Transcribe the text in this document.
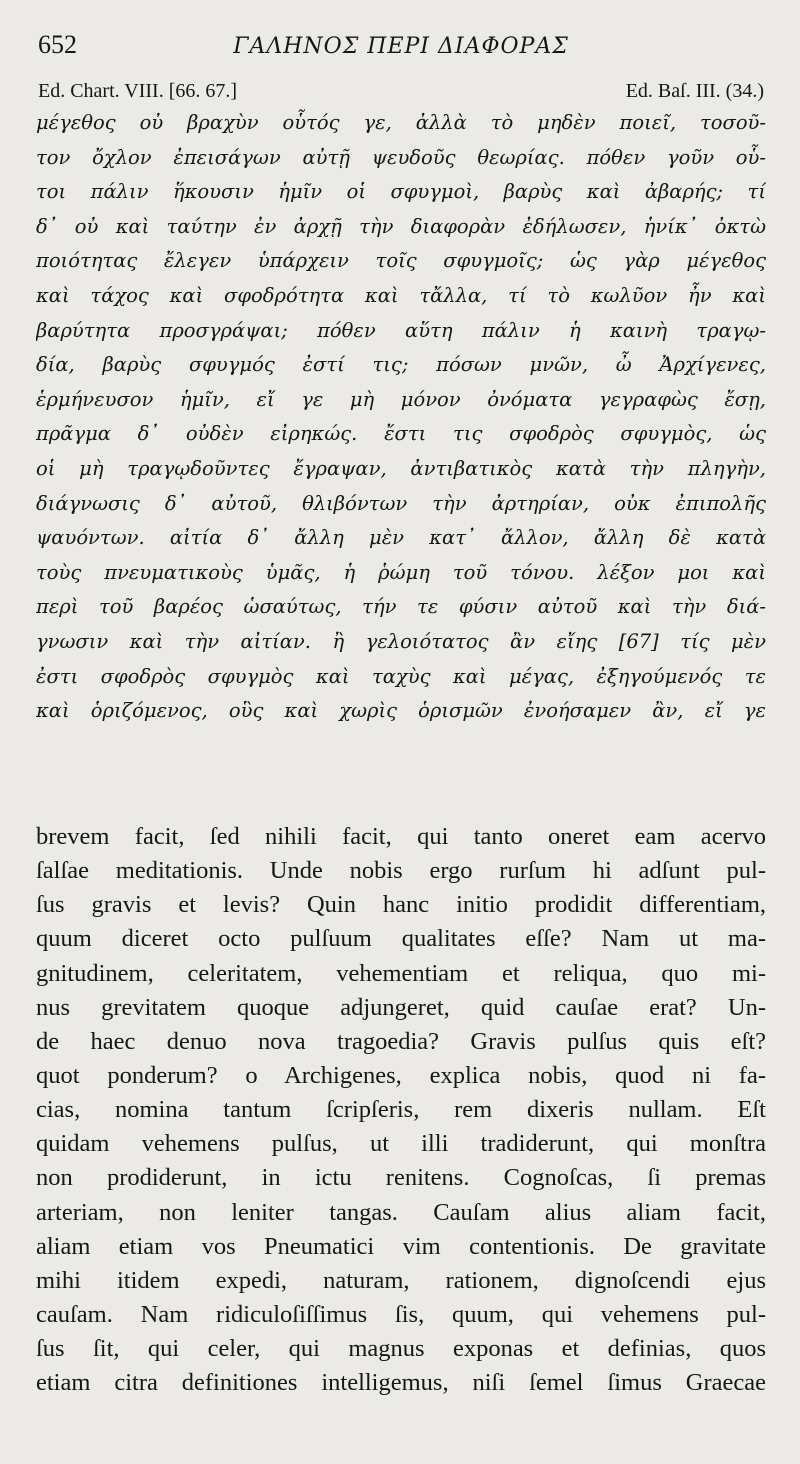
652	ΓΑΛΗΝΟΣ ΠΕΡΙ ΔΙΑΦΟΡΑΣ
Ed. Chart. VIII. [66. 67.]	Ed. Baſ. III. (34.)
μέγεθος οὐ βραχὺν οὗτός γε, ἀλλὰ τὸ μηδὲν ποιεῖ, τοσοῦ-
τον ὄχλον ἐπεισάγων αὐτῇ ψευδοῦς θεωρίας. πόθεν γοῦν οὗ-
τοι πάλιν ἥκουσιν ἡμῖν οἱ σφυγμοὶ, βαρὺς καὶ ἀβαρής; τί
δ᾽ οὐ καὶ ταύτην ἐν ἀρχῇ τὴν διαφορὰν ἐδήλωσεν, ἡνίκ᾽ ὀκτὼ
ποιότητας ἔλεγεν ὑπάρχειν τοῖς σφυγμοῖς; ὡς γὰρ μέγεθος
καὶ τάχος καὶ σφοδρότητα καὶ τἄλλα, τί τὸ κωλῦον ἦν καὶ
βαρύτητα προσγράψαι; πόθεν αὕτη πάλιν ἡ καινὴ τραγῳ-
δία, βαρὺς σφυγμός ἐστί τις; πόσων μνῶν, ὦ Ἀρχίγενες,
ἑρμήνευσον ἡμῖν, εἴ γε μὴ μόνον ὀνόματα γεγραφὼς ἔσῃ,
πρᾶγμα δ᾽ οὐδὲν εἰρηκώς. ἔστι τις σφοδρὸς σφυγμὸς, ὡς
οἱ μὴ τραγῳδοῦντες ἔγραψαν, ἀντιβατικὸς κατὰ τὴν πληγὴν,
διάγνωσις δ᾽ αὐτοῦ, θλιβόντων τὴν ἀρτηρίαν, οὐκ ἐπιπολῆς
ψαυόντων. αἰτία δ᾽ ἄλλη μὲν κατ᾽ ἄλλον, ἄλλη δὲ κατὰ
τοὺς πνευματικοὺς ὑμᾶς, ἡ ῥώμη τοῦ τόνου. λέξον μοι καὶ
περὶ τοῦ βαρέος ὡσαύτως, τήν τε φύσιν αὐτοῦ καὶ τὴν διά-
γνωσιν καὶ τὴν αἰτίαν. ἢ γελοιότατος ἂν εἴης [67] τίς μὲν
ἐστι σφοδρὸς σφυγμὸς καὶ ταχὺς καὶ μέγας, ἐξηγούμενός τε
καὶ ὁριζόμενος, οὓς καὶ χωρὶς ὁρισμῶν ἐνοήσαμεν ἂν, εἴ γε
brevem facit, ſed nihili facit, qui tanto oneret eam acervo
ſalſae meditationis. Unde nobis ergo rurſum hi adſunt pul-
ſus gravis et levis? Quin hanc initio prodidit differentiam,
quum diceret octo pulſuum qualitates eſſe? Nam ut ma-
gnitudinem, celeritatem, vehementiam et reliqua, quo mi-
nus grevitatem quoque adjungeret, quid cauſae erat? Un-
de haec denuo nova tragoedia? Gravis pulſus quis eſt?
quot ponderum? o Archigenes, explica nobis, quod ni fa-
cias, nomina tantum ſcripſeris, rem dixeris nullam. Eſt
quidam vehemens pulſus, ut illi tradiderunt, qui monſtra
non prodiderunt, in ictu renitens. Cognoſcas, ſi premas
arteriam, non leniter tangas. Cauſam alius aliam facit,
aliam etiam vos Pneumatici vim contentionis. De gravitate
mihi itidem expedi, naturam, rationem, dignoſcendi ejus
cauſam. Nam ridiculoſiſſimus ſis, quum, qui vehemens pul-
ſus ſit, qui celer, qui magnus exponas et definias, quos
etiam citra definitiones intelligemus, niſi ſemel ſimus Graecae
